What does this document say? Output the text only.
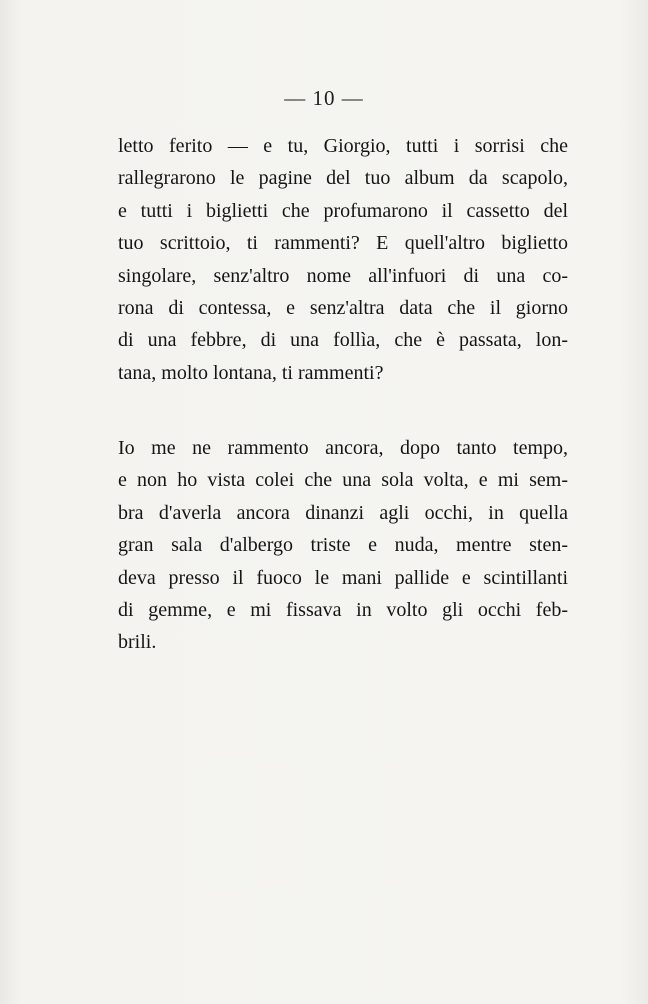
— 10 —
letto ferito — e tu, Giorgio, tutti i sorrisi che
rallegrarono le pagine del tuo album da scapolo,
e tutti i biglietti che profumarono il cassetto del
tuo scrittoio, ti rammenti? E quell'altro biglietto
singolare, senz'altro nome all'infuori di una co-
rona di contessa, e senz'altra data che il giorno
di una febbre, di una follìa, che è passata, lon-
tana, molto lontana, ti rammenti?
Io me ne rammento ancora, dopo tanto tempo,
e non ho vista colei che una sola volta, e mi sem-
bra d'averla ancora dinanzi agli occhi, in quella
gran sala d'albergo triste e nuda, mentre sten-
deva presso il fuoco le mani pallide e scintillanti
di gemme, e mi fissava in volto gli occhi feb-
brili.
